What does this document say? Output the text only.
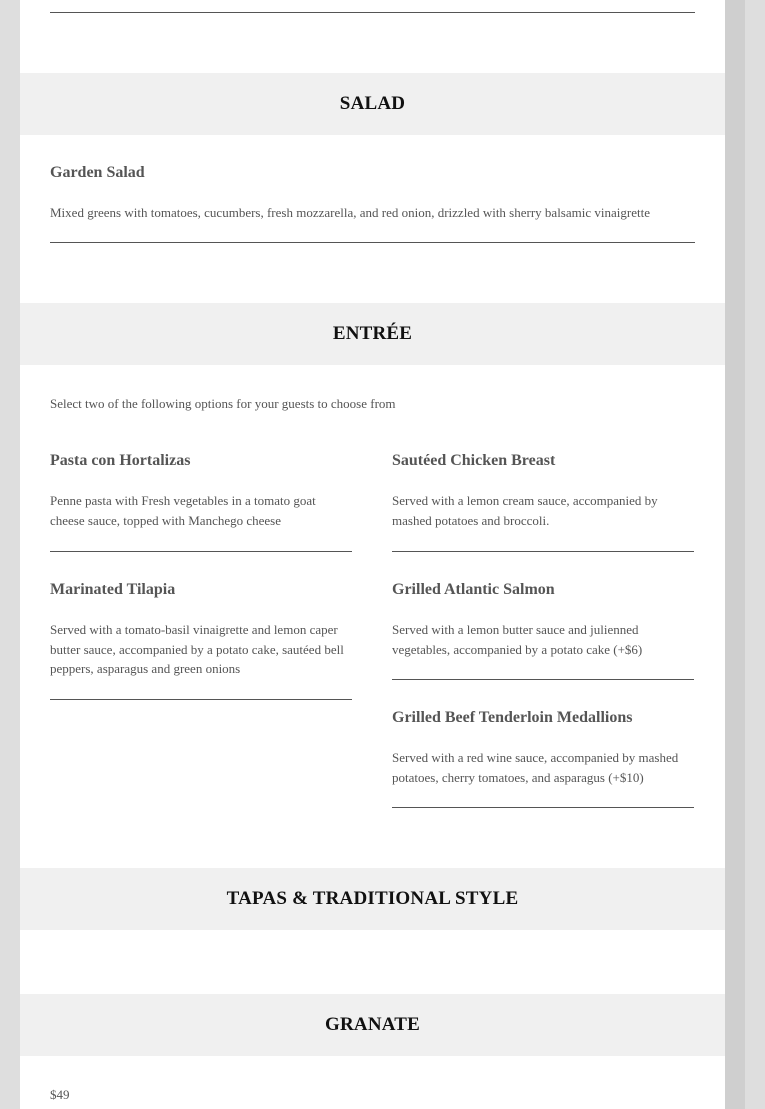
SALAD
Garden Salad
Mixed greens with tomatoes, cucumbers, fresh mozzarella, and red onion, drizzled with sherry balsamic vinaigrette
ENTRÉE
Select two of the following options for your guests to choose from
Pasta con Hortalizas
Penne pasta with Fresh vegetables in a tomato goat cheese sauce, topped with Manchego cheese
Marinated Tilapia
Served with a tomato-basil vinaigrette and lemon caper butter sauce, accompanied by a potato cake, sautéed bell peppers, asparagus and green onions
Sautéed Chicken Breast
Served with a lemon cream sauce, accompanied by mashed potatoes and broccoli.
Grilled Atlantic Salmon
Served with a lemon butter sauce and julienned vegetables, accompanied by a potato cake (+$6)
Grilled Beef Tenderloin Medallions
Served with a red wine sauce, accompanied by mashed potatoes, cherry tomatoes, and asparagus (+$10)
TAPAS & TRADITIONAL STYLE
GRANATE
$49
